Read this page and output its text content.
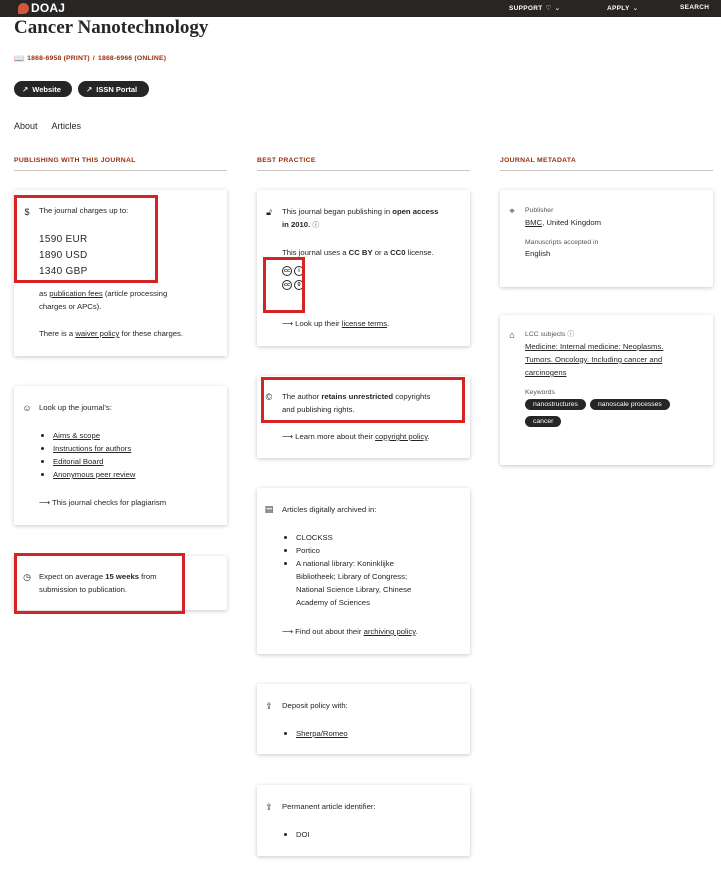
DOAJ	SUPPORT ♡ ⌄	APPLY ⌄	SEARCH
Cancer Nanotechnology
📖 1868-6958 (PRINT) / 1868-6966 (ONLINE)
↗ Website	↗ ISSN Portal
About Articles
PUBLISHING WITH THIS JOURNAL	BEST PRACTICE	JOURNAL METADATA
$	The journal charges up to:
1590 EUR
1890 USD
1340 GBP
as publication fees (article processing
charges or APCs).
There is a waiver policy for these charges.
☺ Look up the journal's:
Aims & scope
Instructions for authors
Editorial Board
Anonymous peer review
⟶ This journal checks for plagiarism
◷ Expect on average 15 weeks from
submission to publication.
🔓︎ This journal began publishing in open access
in 2010. ⓘ
This journal uses a CC BY or a CC0 license.
cc i
cc 0
⟶ Look up their license terms.
© The author retains unrestricted copyrights
and publishing rights.
⟶ Learn more about their copyright policy.
▤ Articles digitally archived in:
CLOCKSS
Portico
A national library: Koninklijke
Bibliotheek; Library of Congress;
National Science Library, Chinese
Academy of Sciences
⟶ Find out about their archiving policy.
⇪ Deposit policy with:
Sherpa/Romeo
⇪ Permanent article identifier:
DOI
⌖	Publisher
BMC, United Kingdom
Manuscripts accepted in
English
⌂	LCC subjects ⓘ
Medicine: Internal medicine: Neoplasms.
Tumors. Oncology. Including cancer and
carcinogens
Keywords
nanostructures	nanoscale processes
cancer
